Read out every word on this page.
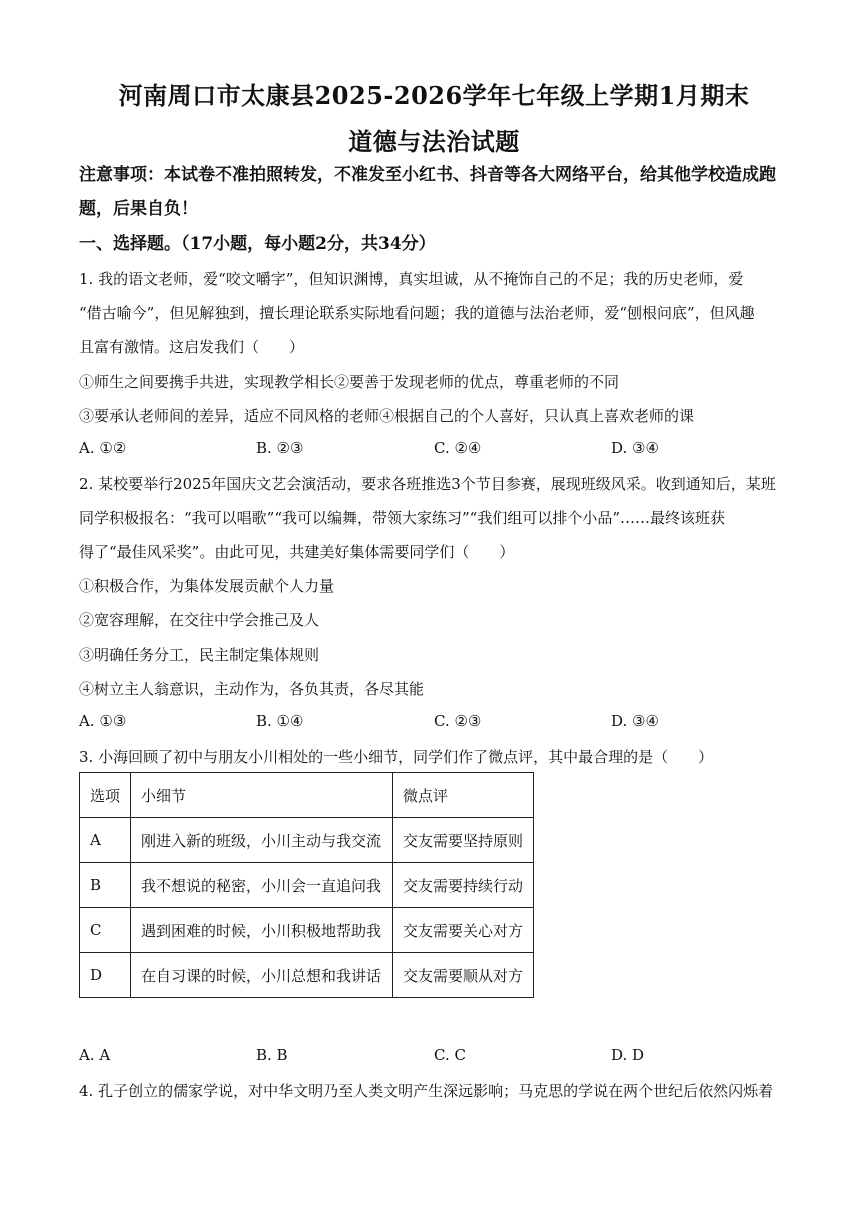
河南周口市太康县2025-2026学年七年级上学期1月期末
道德与法治试题
注意事项：本试卷不准拍照转发，不准发至小红书、抖音等各大网络平台，给其他学校造成跑题，后果自负！
一、选择题。（17小题，每小题2分，共34分）
1. 我的语文老师，爱“咬文嚼字”，但知识渊博，真实坦诚，从不掩饰自己的不足；我的历史老师，爱
“借古喻今”，但见解独到，擅长理论联系实际地看问题；我的道德与法治老师，爱“刨根问底”，但风趣
且富有激情。这启发我们（　　）
①师生之间要携手共进，实现教学相长②要善于发现老师的优点，尊重老师的不同
③要承认老师间的差异，适应不同风格的老师④根据自己的个人喜好，只认真上喜欢老师的课
A. ①②	B. ②③	C. ②④	D. ③④
2. 某校要举行2025年国庆文艺会演活动，要求各班推选3个节目参赛，展现班级风采。收到通知后，某班
同学积极报名：“我可以唱歌”“我可以编舞，带领大家练习”“我们组可以排个小品”……最终该班获
得了“最佳风采奖”。由此可见，共建美好集体需要同学们（　　）
①积极合作，为集体发展贡献个人力量
②宽容理解，在交往中学会推己及人
③明确任务分工，民主制定集体规则
④树立主人翁意识，主动作为，各负其责，各尽其能
A. ①③	B. ①④	C. ②③	D. ③④
3. 小海回顾了初中与朋友小川相处的一些小细节，同学们作了微点评，其中最合理的是（　　）
选项	小细节	微点评
A	刚进入新的班级，小川主动与我交流	交友需要坚持原则
B	我不想说的秘密，小川会一直追问我	交友需要持续行动
C	遇到困难的时候，小川积极地帮助我	交友需要关心对方
D	在自习课的时候，小川总想和我讲话	交友需要顺从对方
A. A	B. B	C. C	D. D
4. 孔子创立的儒家学说，对中华文明乃至人类文明产生深远影响；马克思的学说在两个世纪后依然闪烁着
